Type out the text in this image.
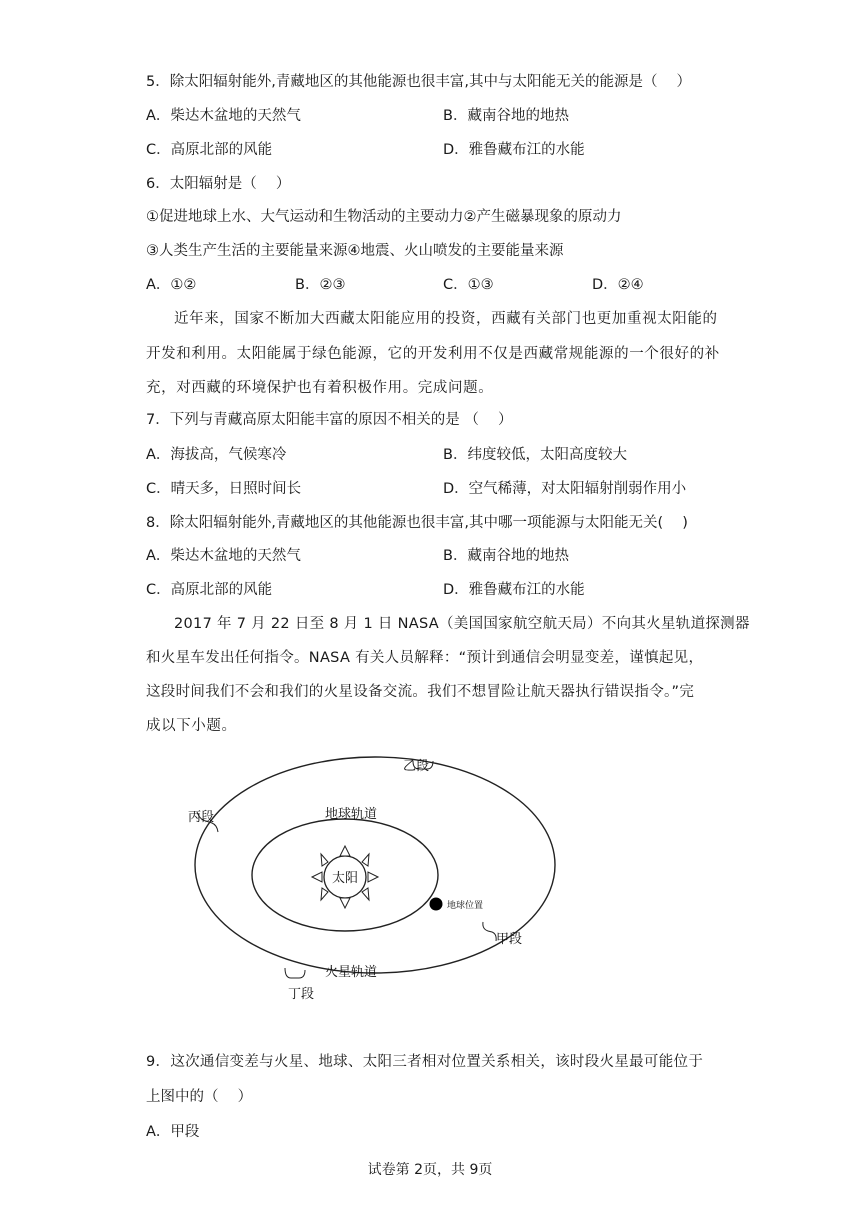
5．除太阳辐射能外,青藏地区的其他能源也很丰富,其中与太阳能无关的能源是（　 ）
A．柴达木盆地的天然气	B．藏南谷地的地热
C．高原北部的风能	D．雅鲁藏布江的水能
6．太阳辐射是（　 ）
①促进地球上水、大气运动和生物活动的主要动力②产生磁暴现象的原动力
③人类生产生活的主要能量来源④地震、火山喷发的主要能量来源
A．①②	B．②③	C．①③	D．②④
近年来，国家不断加大西藏太阳能应用的投资，西藏有关部门也更加重视太阳能的
开发和利用。太阳能属于绿色能源，它的开发利用不仅是西藏常规能源的一个很好的补
充，对西藏的环境保护也有着积极作用。完成问题。
7．下列与青藏高原太阳能丰富的原因不相关的是 （　 ）
A．海拔高，气候寒冷	B．纬度较低，太阳高度较大
C．晴天多，日照时间长	D．空气稀薄，对太阳辐射削弱作用小
8．除太阳辐射能外,青藏地区的其他能源也很丰富,其中哪一项能源与太阳能无关(　 )
A．柴达木盆地的天然气	B．藏南谷地的地热
C．高原北部的风能	D．雅鲁藏布江的水能
2017 年 7 月 22 日至 8 月 1 日 NASA（美国国家航空航天局）不向其火星轨道探测器
和火星车发出任何指令。NASA 有关人员解释：“预计到通信会明显变差，谨慎起见，
这段时间我们不会和我们的火星设备交流。我们不想冒险让航天器执行错误指令。”完
成以下小题。
太阳
地球位置
地球轨道
火星轨道
乙段
丙段
甲段
丁段
9．这次通信变差与火星、地球、太阳三者相对位置关系相关，该时段火星最可能位于
上图中的（　 ）
A．甲段
试卷第 2页，共 9页
